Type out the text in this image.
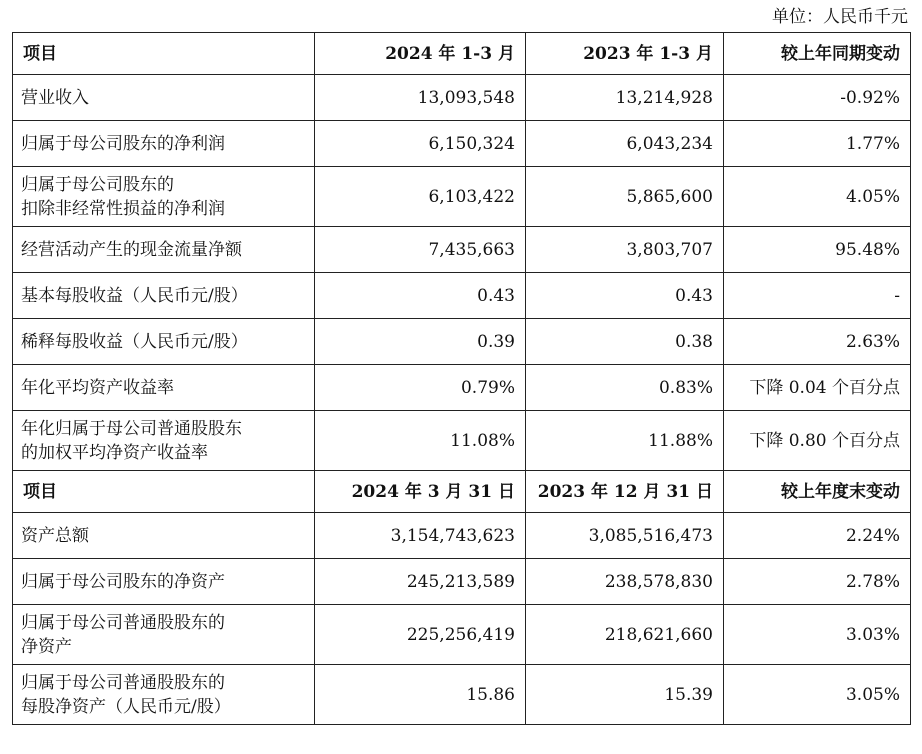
单位：人民币千元
项目	2024 年 1-3 月	2023 年 1-3 月	较上年同期变动
营业收入	13,093,548	13,214,928	-0.92%
归属于母公司股东的净利润	6,150,324	6,043,234	1.77%

归属于母公司股东的
扣除非经常性损益的净利润	6,103,422	5,865,600	4.05%
经营活动产生的现金流量净额	7,435,663	3,803,707	95.48%
基本每股收益（人民币元/股）	0.43	0.43	-
稀释每股收益（人民币元/股）	0.39	0.38	2.63%
年化平均资产收益率	0.79%	0.83%	下降 0.04 个百分点

年化归属于母公司普通股股东
的加权平均净资产收益率	11.08%	11.88%	下降 0.80 个百分点
项目	2024 年 3 月 31 日	2023 年 12 月 31 日	较上年度末变动
资产总额	3,154,743,623	3,085,516,473	2.24%
归属于母公司股东的净资产	245,213,589	238,578,830	2.78%

归属于母公司普通股股东的
净资产	225,256,419	218,621,660	3.03%

归属于母公司普通股股东的
每股净资产（人民币元/股）	15.86	15.39	3.05%
